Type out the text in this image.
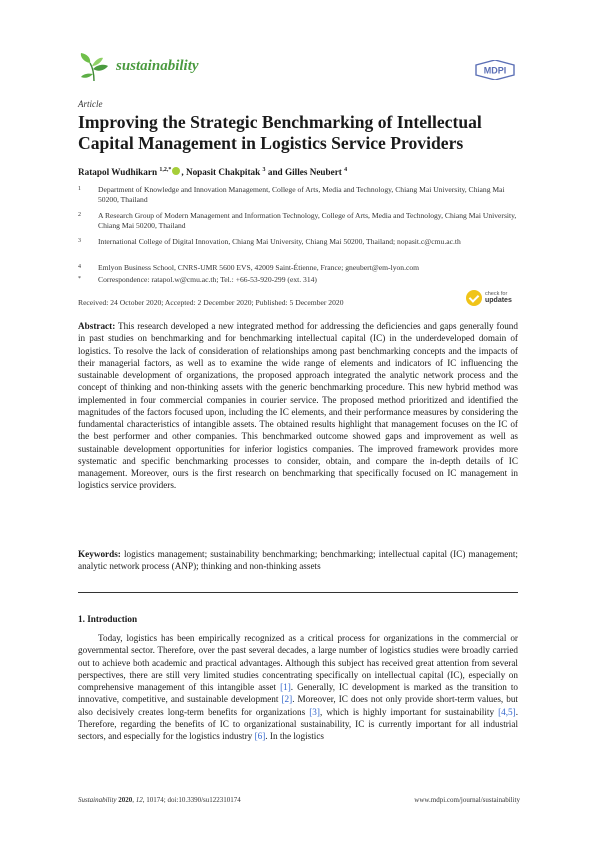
sustainability	MDPI
Article
Improving the Strategic Benchmarking of Intellectual Capital Management in Logistics Service Providers
Ratapol Wudhikarn $^{1,2,*}$ , Nopasit Chakpitak $^3$ and Gilles Neubert $^4$
1 Department of Knowledge and Innovation Management, College of Arts, Media and Technology, Chiang Mai University, Chiang Mai 50200, Thailand
2 A Research Group of Modern Management and Information Technology, College of Arts, Media and Technology, Chiang Mai University, Chiang Mai 50200, Thailand
3 International College of Digital Innovation, Chiang Mai University, Chiang Mai 50200, Thailand; nopasit.c@cmu.ac.th
4 Emlyon Business School, CNRS-UMR 5600 EVS, 42009 Saint-Étienne, France; gneubert@em-lyon.com
* Correspondence: ratapol.w@cmu.ac.th; Tel.: +66-53-920-299 (ext. 314)
Received: 24 October 2020; Accepted: 2 December 2020; Published: 5 December 2020
check for
updates
Abstract: This research developed a new integrated method for addressing the deficiencies and gaps generally found in past studies on benchmarking and for benchmarking intellectual capital (IC) in the underdeveloped domain of logistics. To resolve the lack of consideration of relationships among past benchmarking concepts and the impacts of their managerial factors, as well as to examine the wide range of elements and indicators of IC influencing the sustainable development of organizations, the proposed approach integrated the analytic network process and the concept of thinking and non-thinking assets with the generic benchmarking procedure. This new hybrid method was implemented in four commercial companies in courier service. The proposed method prioritized and identified the magnitudes of the factors focused upon, including the IC elements, and their performance measures by considering the fundamental characteristics of intangible assets. The obtained results highlight that management focuses on the IC of the best performer and other companies. This benchmarked outcome showed gaps and improvement as well as sustainable development opportunities for inferior logistics companies. The improved framework provides more systematic and specific benchmarking processes to consider, obtain, and compare the in-depth details of IC management. Moreover, ours is the first research on benchmarking that specifically focused on IC management in logistics service providers.
Keywords: logistics management; sustainability benchmarking; benchmarking; intellectual capital (IC) management; analytic network process (ANP); thinking and non-thinking assets
1. Introduction
Today, logistics has been empirically recognized as a critical process for organizations in the commercial or governmental sector. Therefore, over the past several decades, a large number of logistics studies were broadly carried out to achieve both academic and practical advantages. Although this subject has received great attention from several perspectives, there are still very limited studies concentrating specifically on intellectual capital (IC), especially on comprehensive management of this intangible asset [1]. Generally, IC development is marked as the transition to innovative, competitive, and sustainable development [2]. Moreover, IC does not only provide short-term values, but also decisively creates long-term benefits for organizations [3], which is highly important for sustainability [4,5]. Therefore, regarding the benefits of IC to organizational sustainability, IC is currently important for all industrial sectors, and especially for the logistics industry [6]. In the logistics
Sustainability 2020, 12, 10174; doi:10.3390/su122310174	www.mdpi.com/journal/sustainability
